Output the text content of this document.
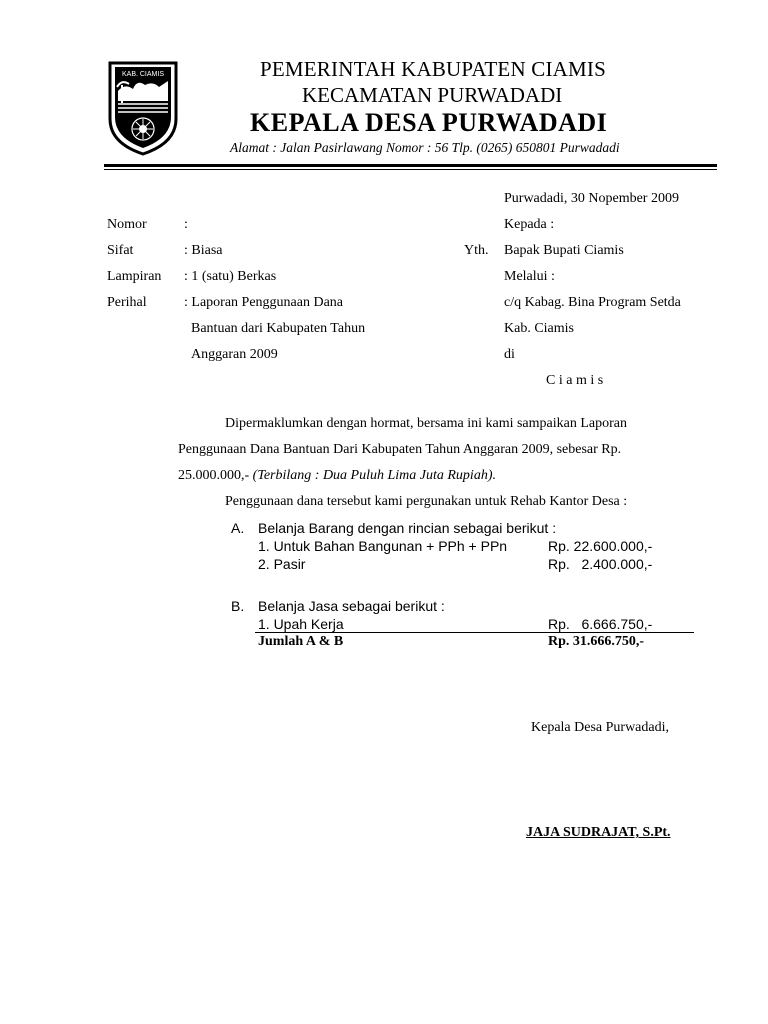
KAB. CIAMIS	PEMERINTAH KABUPATEN CIAMIS
KECAMATAN PURWADADI
KEPALA DESA PURWADADI
Alamat : Jalan Pasirlawang Nomor : 56 Tlp. (0265) 650801 Purwadadi
Purwadadi, 30 Nopember 2009
Nomor	:
Sifat	: Biasa
Lampiran : 1 (satu) Berkas
Perihal	: Laporan Penggunaan Dana
Bantuan dari Kabupaten Tahun
Anggaran 2009
Yth.
Kepada :
Bapak Bupati Ciamis
Melalui :
c/q Kabag. Bina Program Setda
Kab. Ciamis
di
C i a m i s
Dipermaklumkan dengan hormat, bersama ini kami sampaikan Laporan
Penggunaan Dana Bantuan Dari Kabupaten Tahun Anggaran 2009, sebesar Rp.
25.000.000,- (Terbilang : Dua Puluh Lima Juta Rupiah).
Penggunaan dana tersebut kami pergunakan untuk Rehab Kantor Desa :
A. Belanja Barang dengan rincian sebagai berikut :
1. Untuk Bahan Bangunan + PPh + PPn	Rp. 22.600.000,-
2. Pasir	Rp.   2.400.000,-
B. Belanja Jasa sebagai berikut :
1. Upah Kerja	Rp.   6.666.750,-
Jumlah A & B	Rp. 31.666.750,-
Kepala Desa Purwadadi,
JAJA SUDRAJAT, S.Pt.
